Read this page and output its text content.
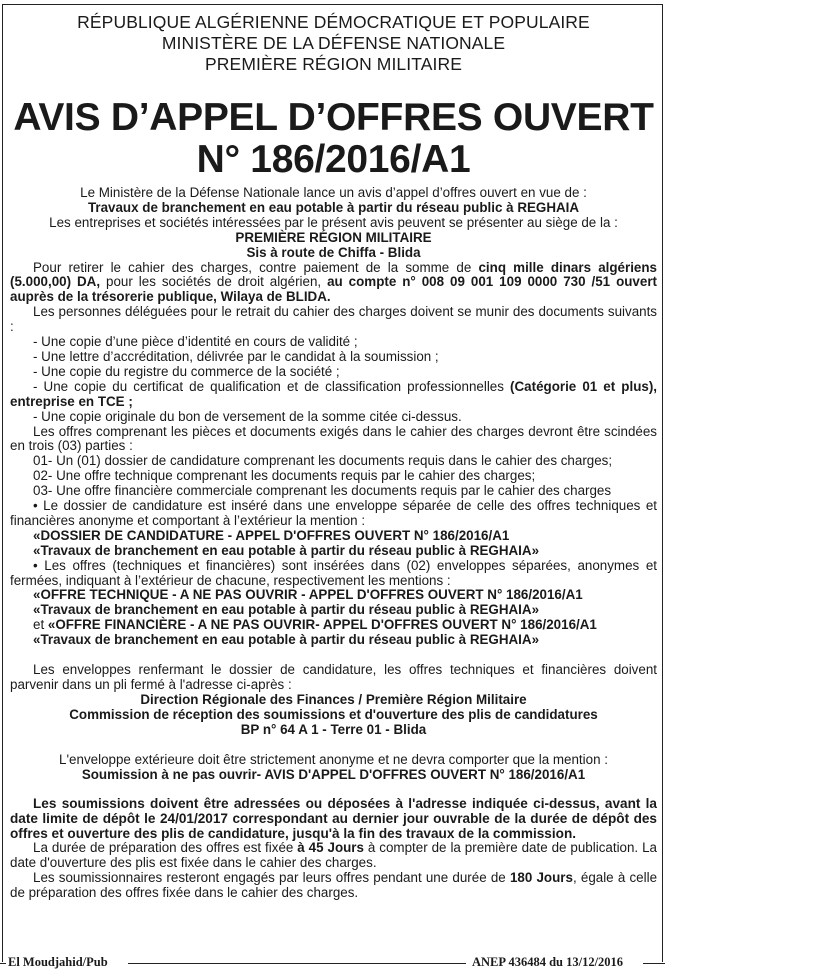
RÉPUBLIQUE ALGÉRIENNE DÉMOCRATIQUE ET POPULAIRE
MINISTÈRE DE LA DÉFENSE NATIONALE
PREMIÈRE RÉGION MILITAIRE
AVIS D’APPEL D’OFFRES OUVERT
N° 186/2016/A1

Le Ministère de la Défense Nationale lance un avis d’appel d’offres ouvert en vue de :

Travaux de branchement en eau potable à partir du réseau public à REGHAIA

Les entreprises et sociétés intéressées par le présent avis peuvent se présenter au siège de la :

PREMIÈRE RÉGION MILITAIRE

Sis à route de Chiffa - Blida

Pour retirer le cahier des charges, contre paiement de la somme de cinq mille dinars algériens (5.000,00) DA, pour les sociétés de droit algérien, au compte n° 008 09 001 109 0000 730 /51 ouvert auprès de la trésorerie publique, Wilaya de BLIDA.

Les personnes déléguées pour le retrait du cahier des charges doivent se munir des documents suivants :

- Une copie d’une pièce d’identité en cours de validité ;

- Une lettre d’accréditation, délivrée par le candidat à la soumission ;

- Une copie du registre du commerce de la société ;

- Une copie du certificat de qualification et de classification professionnelles (Catégorie 01 et plus), entreprise en TCE ;

- Une copie originale du bon de versement de la somme citée ci-dessus.

Les offres comprenant les pièces et documents exigés dans le cahier des charges devront être scindées en trois (03) parties :

01- Un (01) dossier de candidature comprenant les documents requis dans le cahier des charges;

02- Une offre technique comprenant les documents requis par le cahier des charges;

03- Une offre financière commerciale comprenant les documents requis par le cahier des charges

• Le dossier de candidature est inséré dans une enveloppe séparée de celle des offres techniques et financières anonyme et comportant à l’extérieur la mention :

«DOSSIER DE CANDIDATURE - APPEL D'OFFRES OUVERT N° 186/2016/A1

«Travaux de branchement en eau potable à partir du réseau public à REGHAIA»

• Les offres (techniques et financières) sont insérées dans (02) enveloppes séparées, anonymes et fermées, indiquant à l’extérieur de chacune, respectivement les mentions :

«OFFRE TECHNIQUE - A NE PAS OUVRIR - APPEL D'OFFRES OUVERT N° 186/2016/A1

«Travaux de branchement en eau potable à partir du réseau public à REGHAIA»

et «OFFRE FINANCIÈRE - A NE PAS OUVRIR- APPEL D'OFFRES OUVERT N° 186/2016/A1

«Travaux de branchement en eau potable à partir du réseau public à REGHAIA»

Les enveloppes renfermant le dossier de candidature, les offres techniques et financières doivent parvenir dans un pli fermé à l'adresse ci-après :

Direction Régionale des Finances / Première Région Militaire

Commission de réception des soumissions et d'ouverture des plis de candidatures

BP n° 64 A 1 - Terre 01 - Blida

L'enveloppe extérieure doit être strictement anonyme et ne devra comporter que la mention :

Soumission à ne pas ouvrir- AVIS D'APPEL D'OFFRES OUVERT N° 186/2016/A1

Les soumissions doivent être adressées ou déposées à l'adresse indiquée ci-dessus, avant la date limite de dépôt le 24/01/2017 correspondant au dernier jour ouvrable de la durée de dépôt des offres et ouverture des plis de candidature, jusqu'à la fin des travaux de la commission.

La durée de préparation des offres est fixée à 45 Jours à compter de la première date de publication. La date d'ouverture des plis est fixée dans le cahier des charges.

Les soumissionnaires resteront engagés par leurs offres pendant une durée de 180 Jours, égale à celle de préparation des offres fixée dans le cahier des charges.

El Moudjahid/Pub	ANEP 436484 du 13/12/2016
